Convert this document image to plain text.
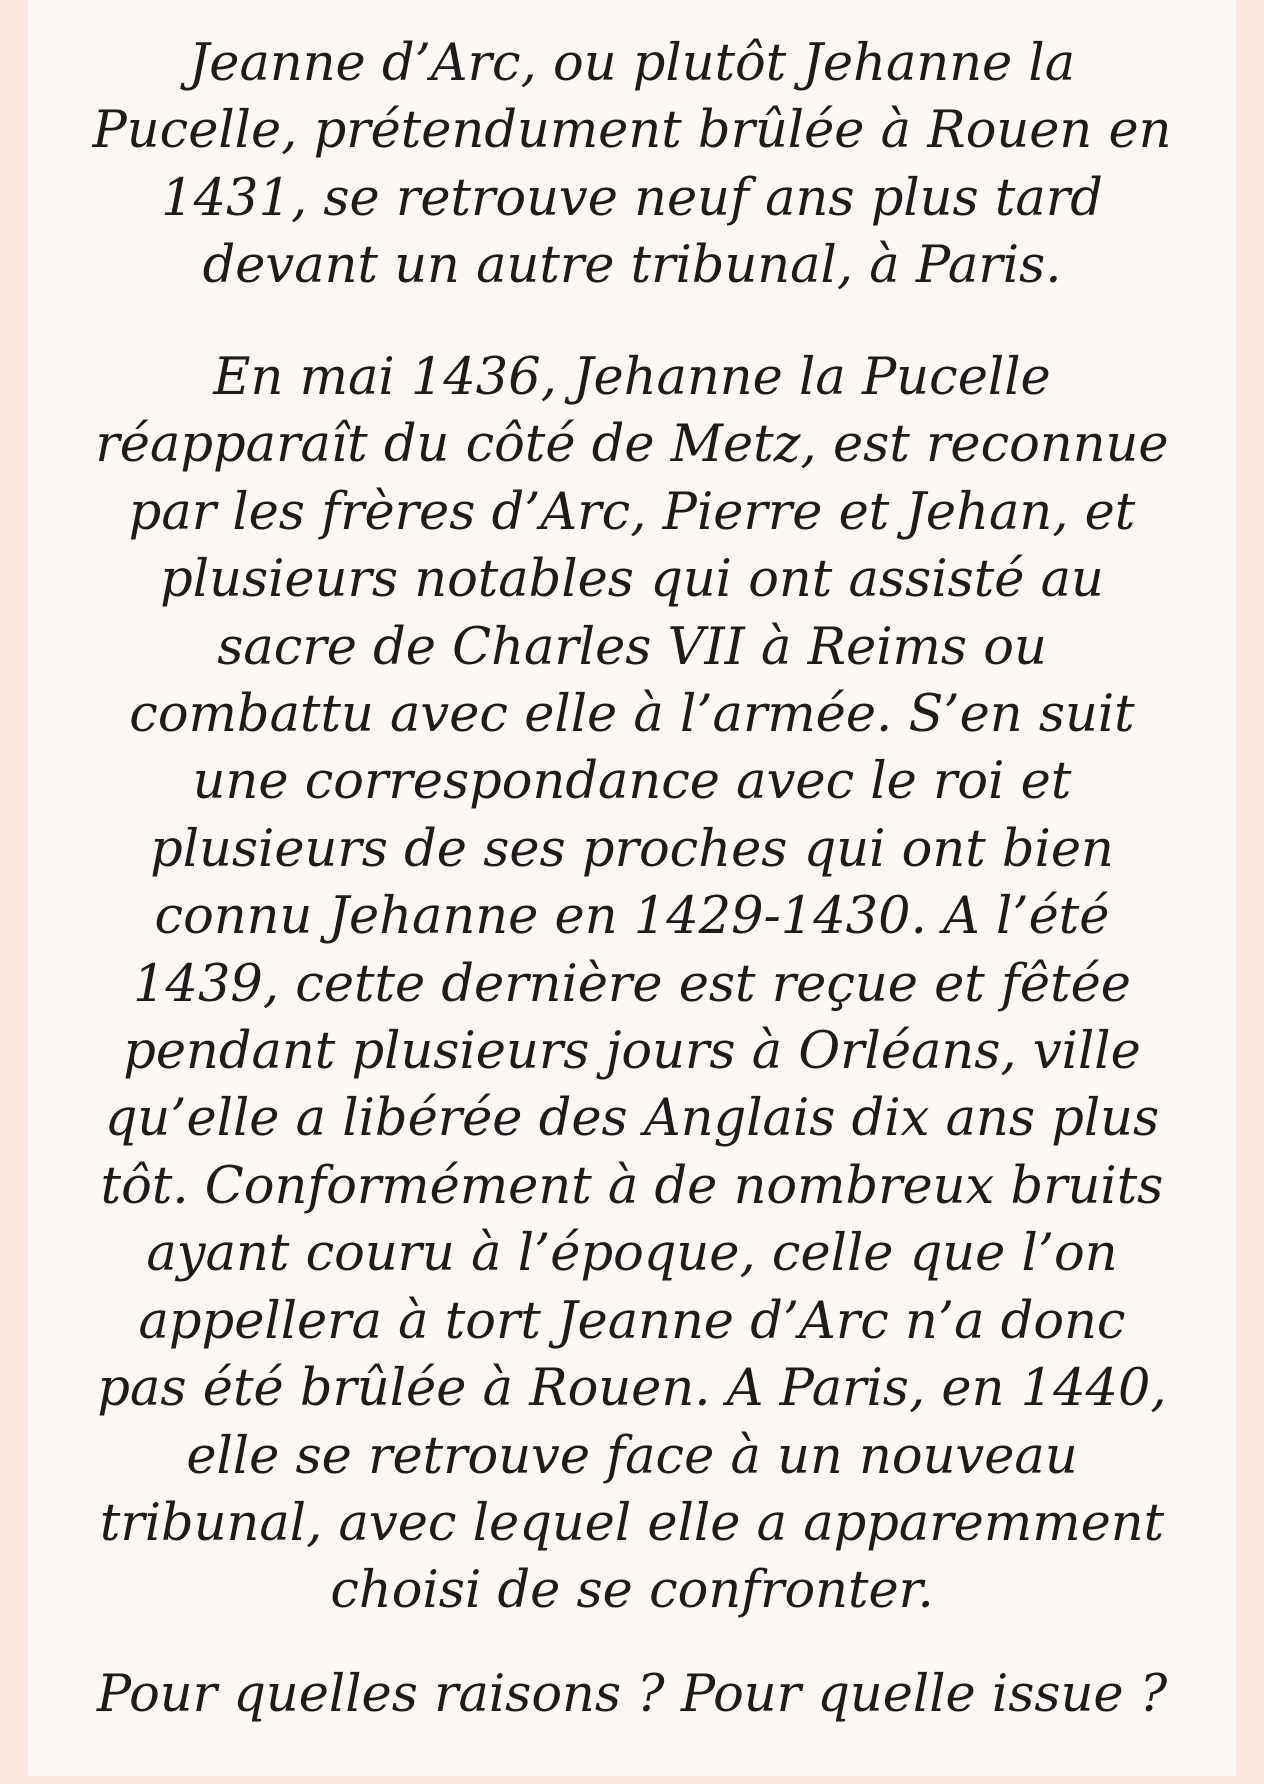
Jeanne d’Arc, ou plutôt Jehanne la
Pucelle, prétendument brûlée à Rouen en
1431, se retrouve neuf ans plus tard
devant un autre tribunal, à Paris.

En mai 1436, Jehanne la Pucelle
réapparaît du côté de Metz, est reconnue
par les frères d’Arc, Pierre et Jehan, et
plusieurs notables qui ont assisté au
sacre de Charles VII à Reims ou
combattu avec elle à l’armée. S’en suit
une correspondance avec le roi et
plusieurs de ses proches qui ont bien
connu Jehanne en 1429-1430. A l’été
1439, cette dernière est reçue et fêtée
pendant plusieurs jours à Orléans, ville
qu’elle a libérée des Anglais dix ans plus
tôt. Conformément à de nombreux bruits
ayant couru à l’époque, celle que l’on
appellera à tort Jeanne d’Arc n’a donc
pas été brûlée à Rouen. A Paris, en 1440,
elle se retrouve face à un nouveau
tribunal, avec lequel elle a apparemment
choisi de se confronter.

Pour quelles raisons ? Pour quelle issue ?
